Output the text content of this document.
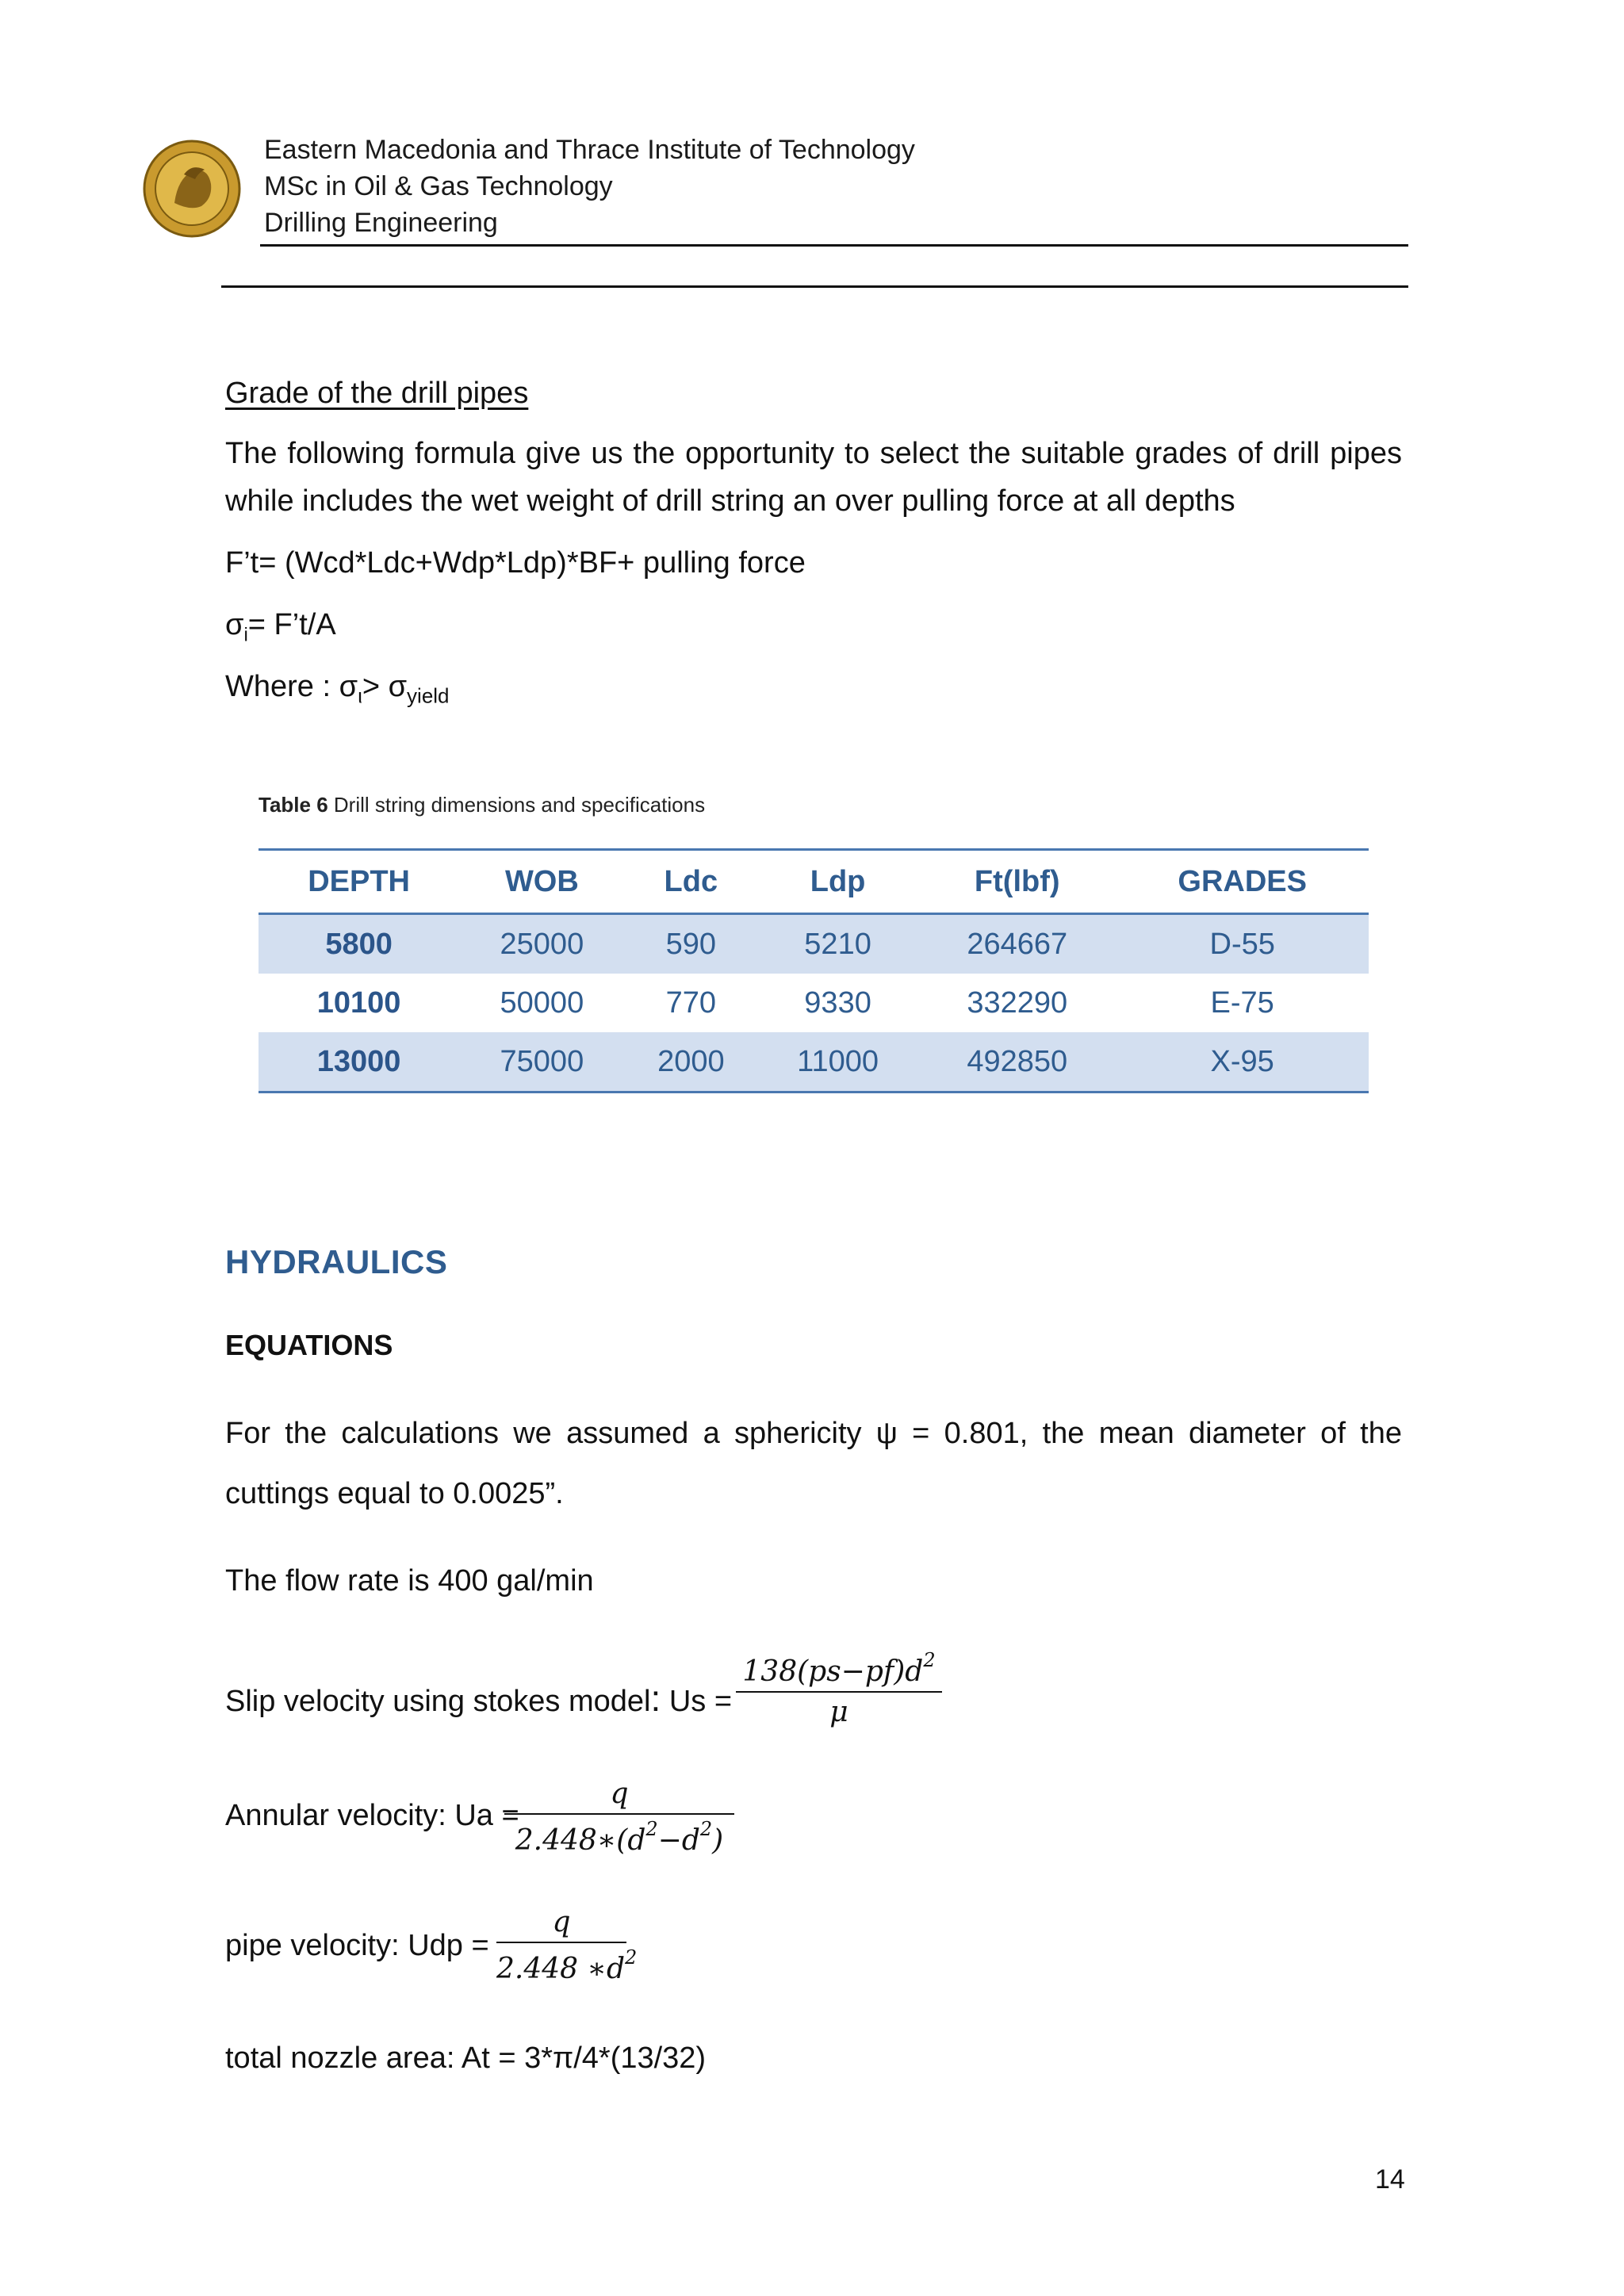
Eastern Macedonia and Thrace Institute of Technology
MSc in Oil & Gas Technology
Drilling Engineering
Grade of the drill pipes
The following formula give us the opportunity to select the suitable grades of drill pipes while includes the wet weight of drill string an over pulling force at all depths
F’t= (Wcd*Ldc+Wdp*Ldp)*BF+ pulling force
$\sigma_i=$ F’t/A
Where : $\sigma_\iota> \sigma_{yield}$
Table 6 Drill string dimensions and specifications
DEPTH	WOB	Ldc	Ldp	Ft(lbf)	GRADES
5800	25000	590	5210	264667	D-55
10100	50000	770	9330	332290	E-75
13000	75000	2000	11000	492850	X-95
HYDRAULICS
EQUATIONS
For the calculations we assumed a sphericity ψ = 0.801, the mean diameter of the cuttings equal to 0.0025”.
The flow rate is 400 gal/min
Slip velocity using stokes model: Us =
$138(ps-pf)d^2$
μ
Annular velocity: Ua =
q
$2.448∗(d^2-d^2)$
pipe velocity: Udp =
q
2.448 $∗d^2$
total nozzle area: At = 3*π/4*(13/32)
14
